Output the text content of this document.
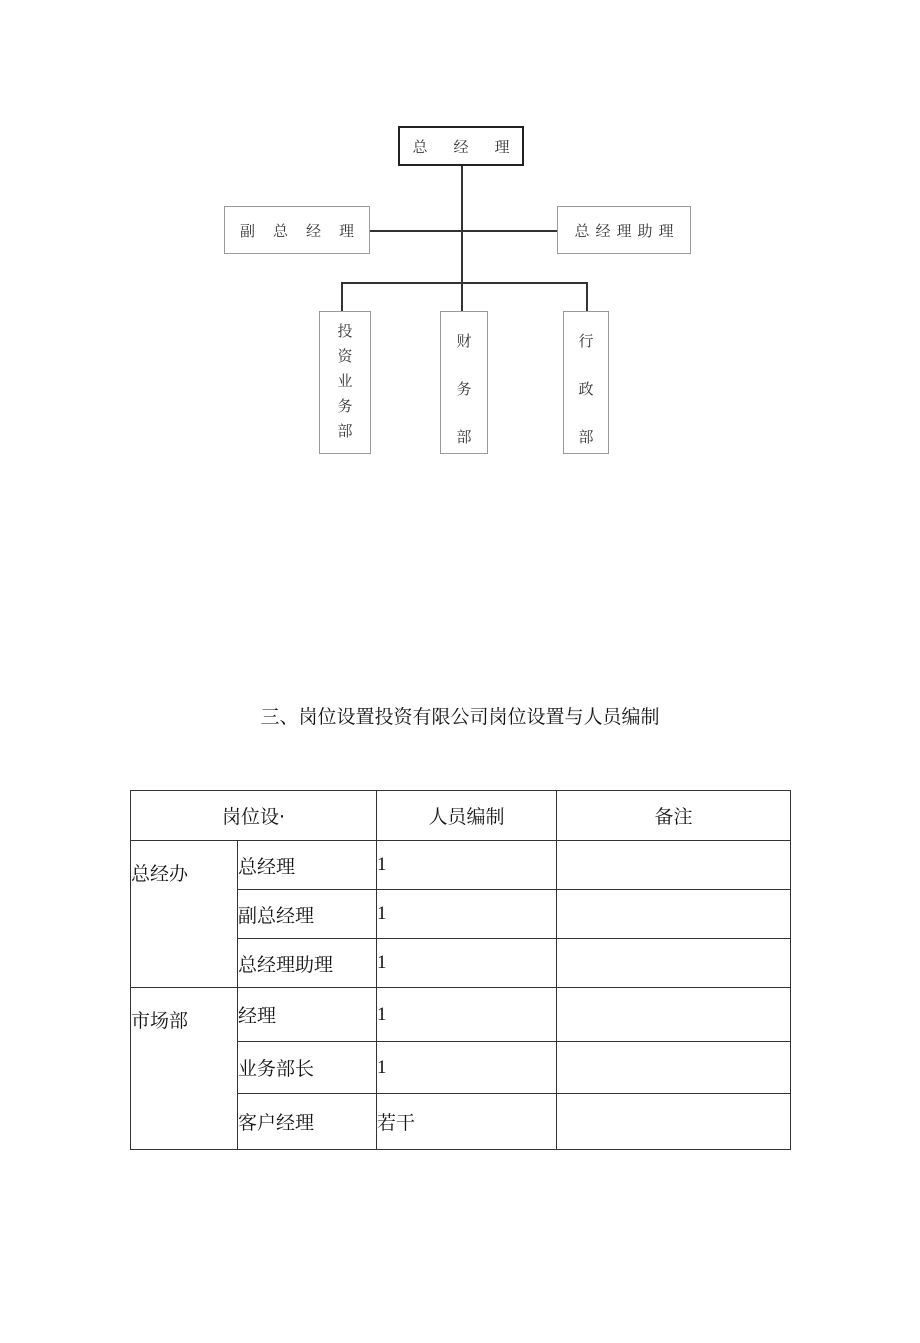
总 经 理
副 总 经 理	总 经 理 助 理
投
资
业
务
部
财
务
部
行
政
部
三、岗位设置投资有限公司岗位设置与人员编制
岗位设·		人员编制	备注
总经办	总经理	1	
	副总经理	1	
	总经理助理	1	
市场部	经理	1	
	业务部长	1	
	客户经理	若干	
